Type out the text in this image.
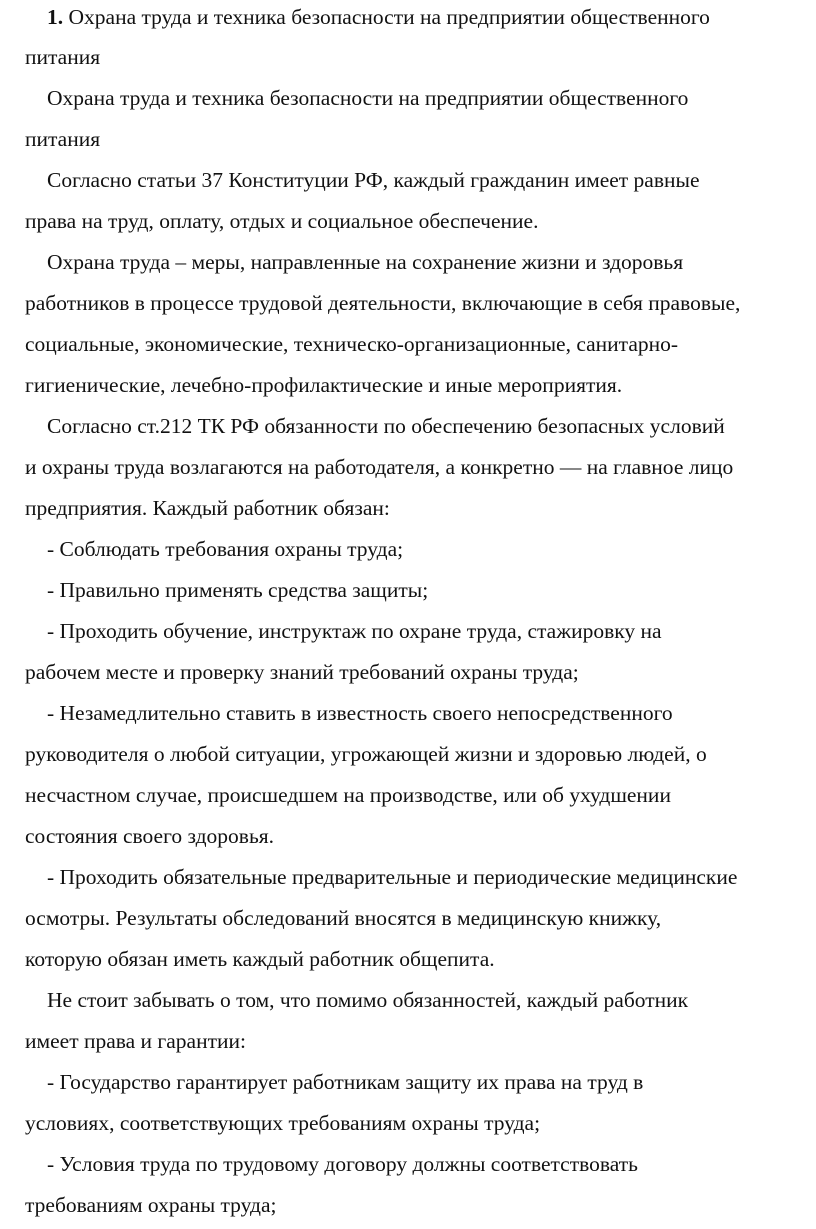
1. Охрана труда и техника безопасности на предприятии общественного
питания
Охрана труда и техника безопасности на предприятии общественного
питания
Согласно статьи 37 Конституции РФ, каждый гражданин имеет равные
права на труд, оплату, отдых и социальное обеспечение.
Охрана труда – меры, направленные на сохранение жизни и здоровья
работников в процессе трудовой деятельности, включающие в себя правовые,
социальные, экономические, техническо-организационные, санитарно-
гигиенические, лечебно-профилактические и иные мероприятия.
Согласно ст.212 ТК РФ обязанности по обеспечению безопасных условий
и охраны труда возлагаются на работодателя, а конкретно — на главное лицо
предприятия. Каждый работник обязан:
- Соблюдать требования охраны труда;
- Правильно применять средства защиты;
- Проходить обучение, инструктаж по охране труда, стажировку на
рабочем месте и проверку знаний требований охраны труда;
- Незамедлительно ставить в известность своего непосредственного
руководителя о любой ситуации, угрожающей жизни и здоровью людей, о
несчастном случае, происшедшем на производстве, или об ухудшении
состояния своего здоровья.
- Проходить обязательные предварительные и периодические медицинские
осмотры. Результаты обследований вносятся в медицинскую книжку,
которую обязан иметь каждый работник общепита.
Не стоит забывать о том, что помимо обязанностей, каждый работник
имеет права и гарантии:
- Государство гарантирует работникам защиту их права на труд в
условиях, соответствующих требованиям охраны труда;
- Условия труда по трудовому договору должны соответствовать
требованиям охраны труда;
